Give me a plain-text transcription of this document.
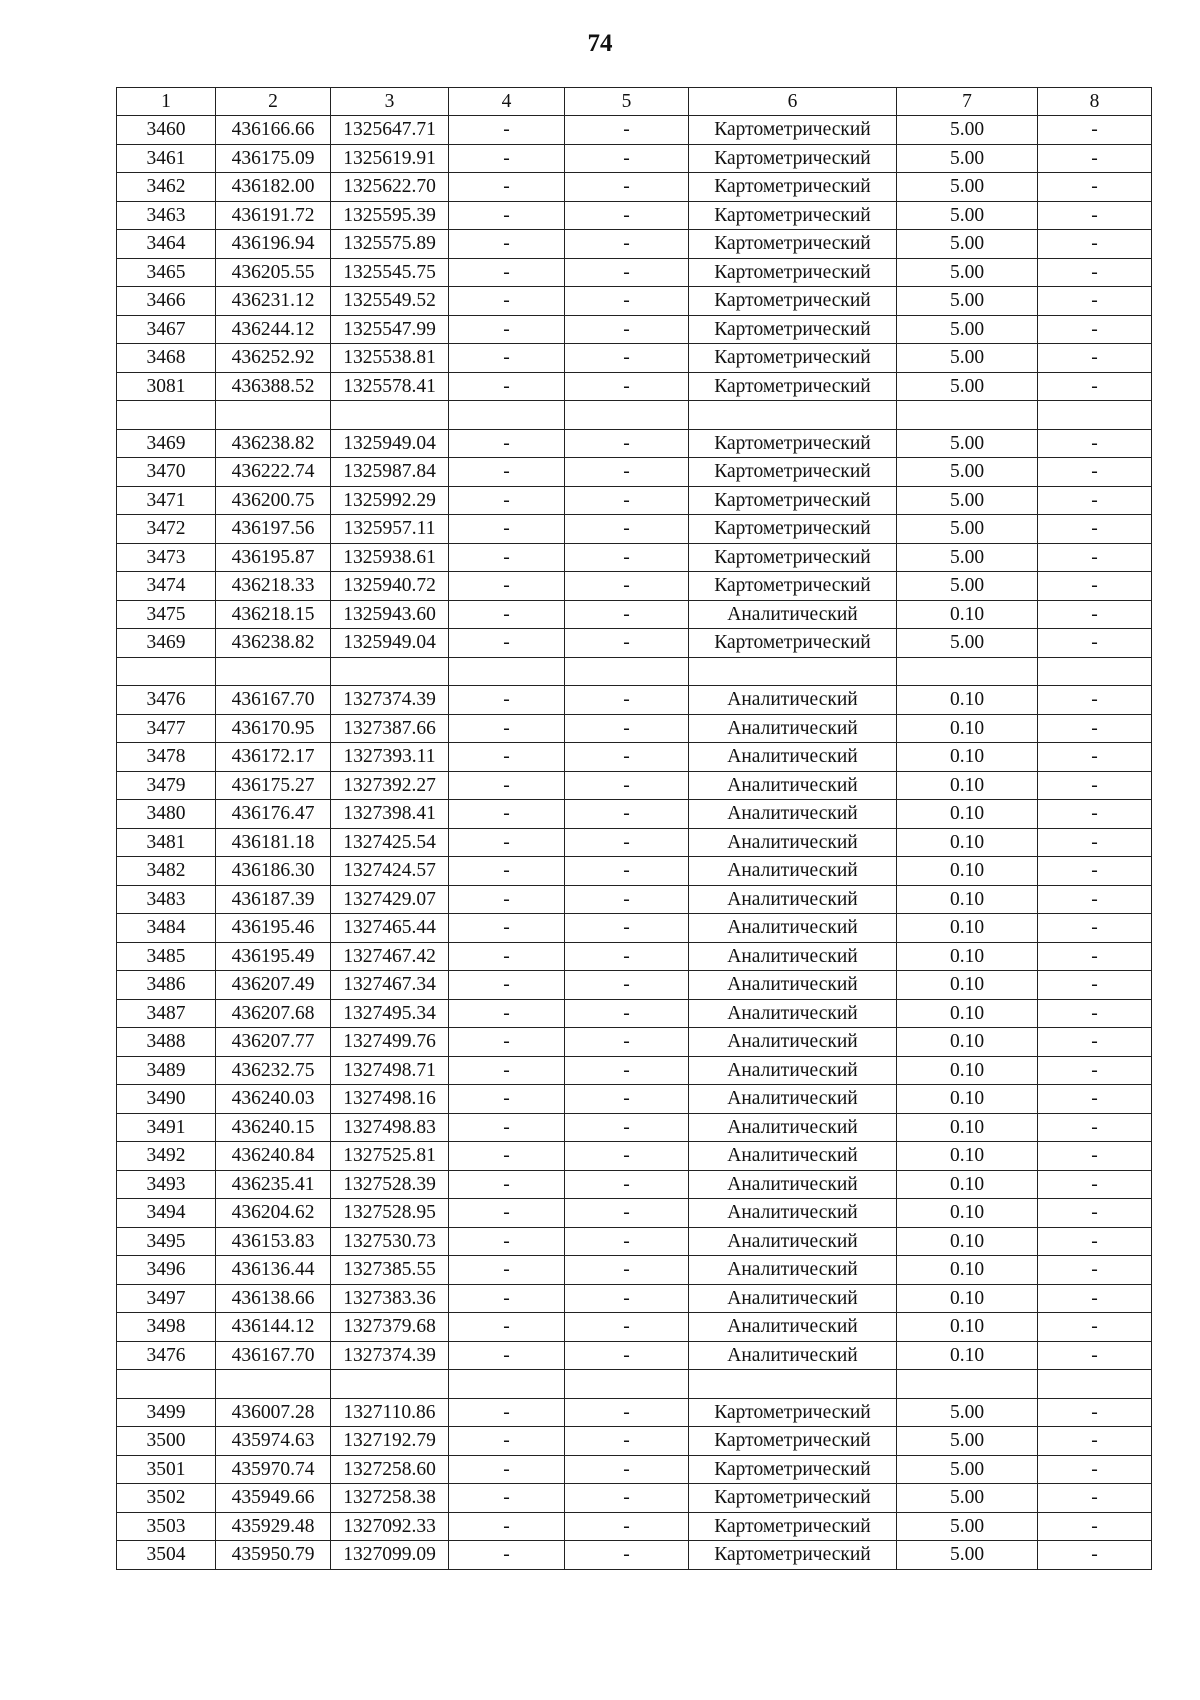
74
1	2	3	4	5	6	7	8
3460	436166.66	1325647.71	-	-	Картометрический	5.00	-
3461	436175.09	1325619.91	-	-	Картометрический	5.00	-
3462	436182.00	1325622.70	-	-	Картометрический	5.00	-
3463	436191.72	1325595.39	-	-	Картометрический	5.00	-
3464	436196.94	1325575.89	-	-	Картометрический	5.00	-
3465	436205.55	1325545.75	-	-	Картометрический	5.00	-
3466	436231.12	1325549.52	-	-	Картометрический	5.00	-
3467	436244.12	1325547.99	-	-	Картометрический	5.00	-
3468	436252.92	1325538.81	-	-	Картометрический	5.00	-
3081	436388.52	1325578.41	-	-	Картометрический	5.00	-

3469	436238.82	1325949.04	-	-	Картометрический	5.00	-
3470	436222.74	1325987.84	-	-	Картометрический	5.00	-
3471	436200.75	1325992.29	-	-	Картометрический	5.00	-
3472	436197.56	1325957.11	-	-	Картометрический	5.00	-
3473	436195.87	1325938.61	-	-	Картометрический	5.00	-
3474	436218.33	1325940.72	-	-	Картометрический	5.00	-
3475	436218.15	1325943.60	-	-	Аналитический	0.10	-
3469	436238.82	1325949.04	-	-	Картометрический	5.00	-

3476	436167.70	1327374.39	-	-	Аналитический	0.10	-
3477	436170.95	1327387.66	-	-	Аналитический	0.10	-
3478	436172.17	1327393.11	-	-	Аналитический	0.10	-
3479	436175.27	1327392.27	-	-	Аналитический	0.10	-
3480	436176.47	1327398.41	-	-	Аналитический	0.10	-
3481	436181.18	1327425.54	-	-	Аналитический	0.10	-
3482	436186.30	1327424.57	-	-	Аналитический	0.10	-
3483	436187.39	1327429.07	-	-	Аналитический	0.10	-
3484	436195.46	1327465.44	-	-	Аналитический	0.10	-
3485	436195.49	1327467.42	-	-	Аналитический	0.10	-
3486	436207.49	1327467.34	-	-	Аналитический	0.10	-
3487	436207.68	1327495.34	-	-	Аналитический	0.10	-
3488	436207.77	1327499.76	-	-	Аналитический	0.10	-
3489	436232.75	1327498.71	-	-	Аналитический	0.10	-
3490	436240.03	1327498.16	-	-	Аналитический	0.10	-
3491	436240.15	1327498.83	-	-	Аналитический	0.10	-
3492	436240.84	1327525.81	-	-	Аналитический	0.10	-
3493	436235.41	1327528.39	-	-	Аналитический	0.10	-
3494	436204.62	1327528.95	-	-	Аналитический	0.10	-
3495	436153.83	1327530.73	-	-	Аналитический	0.10	-
3496	436136.44	1327385.55	-	-	Аналитический	0.10	-
3497	436138.66	1327383.36	-	-	Аналитический	0.10	-
3498	436144.12	1327379.68	-	-	Аналитический	0.10	-
3476	436167.70	1327374.39	-	-	Аналитический	0.10	-

3499	436007.28	1327110.86	-	-	Картометрический	5.00	-
3500	435974.63	1327192.79	-	-	Картометрический	5.00	-
3501	435970.74	1327258.60	-	-	Картометрический	5.00	-
3502	435949.66	1327258.38	-	-	Картометрический	5.00	-
3503	435929.48	1327092.33	-	-	Картометрический	5.00	-
3504	435950.79	1327099.09	-	-	Картометрический	5.00	-
